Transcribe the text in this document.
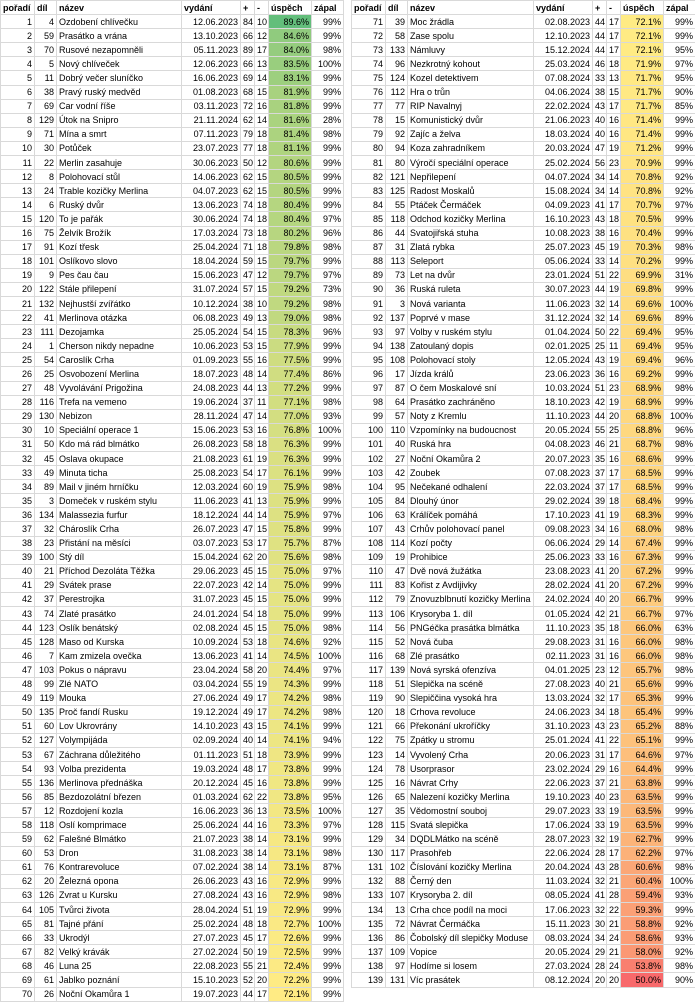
pořadí	díl	název	vydání	+	-	úspěch	zápal
1	4	Ozdobení chlívečku	12.06.2023	84	10	89.6%	99%
2	59	Prasátko a vrána	13.10.2023	66	12	84.6%	99%
3	70	Rusové nezapomněli	05.11.2023	89	17	84.0%	98%
4	5	Nový chlíveček	12.06.2023	66	13	83.5%	100%
5	11	Dobrý večer sluníčko	16.06.2023	69	14	83.1%	99%
6	38	Pravý ruský medvěd	01.08.2023	68	15	81.9%	99%
7	69	Car vodní říše	03.11.2023	72	16	81.8%	99%
8	129	Útok na Snipro	21.11.2024	62	14	81.6%	28%
9	71	Mína a smrt	07.11.2023	79	18	81.4%	98%
10	30	Potůček	23.07.2023	77	18	81.1%	99%
11	22	Merlin zasahuje	30.06.2023	50	12	80.6%	99%
12	8	Polohovací stůl	14.06.2023	62	15	80.5%	99%
13	24	Trable kozičky Merlina	04.07.2023	62	15	80.5%	99%
14	6	Ruský dvůr	13.06.2023	74	18	80.4%	99%
15	120	To je pařák	30.06.2024	74	18	80.4%	97%
16	75	Želvík Brožík	17.03.2024	73	18	80.2%	96%
17	91	Kozí třesk	25.04.2024	71	18	79.8%	98%
18	101	Oslíkovo slovo	18.04.2024	59	15	79.7%	99%
19	9	Pes čau čau	15.06.2023	47	12	79.7%	97%
20	122	Stále přilepení	31.07.2024	57	15	79.2%	73%
21	132	Nejhustší zvířátko	10.12.2024	38	10	79.2%	98%
22	41	Merlinova otázka	06.08.2023	49	13	79.0%	98%
23	111	Dezojamka	25.05.2024	54	15	78.3%	96%
24	1	Cherson nikdy nepadne	10.06.2023	53	15	77.9%	99%
25	54	Caroslík Crha	01.09.2023	55	16	77.5%	99%
26	25	Osvobození Merlina	18.07.2023	48	14	77.4%	86%
27	48	Vyvolávání Prigožina	24.08.2023	44	13	77.2%	99%
28	116	Trefa na vemeno	19.06.2024	37	11	77.1%	98%
29	130	Nebizon	28.11.2024	47	14	77.0%	93%
30	10	Speciální operace 1	15.06.2023	53	16	76.8%	100%
31	50	Kdo má rád blmátko	26.08.2023	58	18	76.3%	99%
32	45	Oslava okupace	21.08.2023	61	19	76.3%	99%
33	49	Minuta ticha	25.08.2023	54	17	76.1%	99%
34	89	Mail v jiném hrníčku	12.03.2024	60	19	75.9%	98%
35	3	Domeček v ruském stylu	11.06.2023	41	13	75.9%	99%
36	134	Malassezia furfur	18.12.2024	44	14	75.9%	97%
37	32	Chároslík Crha	26.07.2023	47	15	75.8%	99%
38	23	Přistání na měsíci	03.07.2023	53	17	75.7%	87%
39	100	Stý díl	15.04.2024	62	20	75.6%	98%
40	21	Příchod Dezoláta Těžka	29.06.2023	45	15	75.0%	97%
41	29	Svátek prase	22.07.2023	42	14	75.0%	99%
42	37	Perestrojka	31.07.2023	45	15	75.0%	99%
43	74	Zlaté prasátko	24.01.2024	54	18	75.0%	99%
44	123	Oslík benátský	02.08.2024	45	15	75.0%	98%
45	128	Maso od Kurska	10.09.2024	53	18	74.6%	92%
46	7	Kam zmizela ovečka	13.06.2023	41	14	74.5%	100%
47	103	Pokus o nápravu	23.04.2024	58	20	74.4%	97%
48	99	Zlé NATO	03.04.2024	55	19	74.3%	99%
49	119	Mouka	27.06.2024	49	17	74.2%	98%
50	135	Proč fandí Rusku	19.12.2024	49	17	74.2%	98%
51	60	Lov Ukrovrány	14.10.2023	43	15	74.1%	99%
52	127	Volympijáda	02.09.2024	40	14	74.1%	94%
53	67	Záchrana důležitého	01.11.2023	51	18	73.9%	99%
54	93	Volba prezidenta	19.03.2024	48	17	73.8%	99%
55	136	Merlinova přednáška	20.12.2024	45	16	73.8%	99%
56	85	Bezdozolátní březen	01.03.2024	62	22	73.8%	95%
57	12	Rozdojení kozla	16.06.2023	36	13	73.5%	100%
58	118	Oslí komprimace	25.06.2024	44	16	73.3%	97%
59	62	Falešné Blmátko	21.07.2023	38	14	73.1%	99%
60	53	Dron	31.08.2023	38	14	73.1%	98%
61	76	Kontrarevoluce	07.02.2024	38	14	73.1%	87%
62	20	Železná opona	26.06.2023	43	16	72.9%	99%
63	126	Zvrat u Kursku	27.08.2024	43	16	72.9%	98%
64	105	Tvůrci života	28.04.2024	51	19	72.9%	99%
65	81	Tajné přání	25.02.2024	48	18	72.7%	100%
66	33	Ukrodýl	27.07.2023	45	17	72.6%	99%
67	82	Velký krávák	27.02.2024	50	19	72.5%	99%
68	46	Luna 25	22.08.2023	55	21	72.4%	99%
69	61	Jablko poznání	15.10.2023	52	20	72.2%	99%
70	26	Noční Okamůra 1	19.07.2023	44	17	72.1%	99%
pořadí	díl	název	vydání	+	-	úspěch	zápal
71	39	Moc žrádla	02.08.2023	44	17	72.1%	99%
72	58	Zase spolu	12.10.2023	44	17	72.1%	99%
73	133	Námluvy	15.12.2024	44	17	72.1%	95%
74	96	Nezkrotný kohout	25.03.2024	46	18	71.9%	97%
75	124	Kozel detektivem	07.08.2024	33	13	71.7%	95%
76	112	Hra o trůn	04.06.2024	38	15	71.7%	90%
77	77	RIP Navalnyj	22.02.2024	43	17	71.7%	85%
78	15	Komunistický dvůr	21.06.2023	40	16	71.4%	99%
79	92	Zajíc a želva	18.03.2024	40	16	71.4%	99%
80	94	Koza zahradníkem	20.03.2024	47	19	71.2%	99%
81	80	Výročí speciální operace	25.02.2024	56	23	70.9%	99%
82	121	Nepřilepení	04.07.2024	34	14	70.8%	92%
83	125	Radost Moskalů	15.08.2024	34	14	70.8%	92%
84	55	Ptáček Čermáček	04.09.2023	41	17	70.7%	97%
85	118	Odchod kozičky Merlina	16.10.2023	43	18	70.5%	99%
86	44	Svatojiřská stuha	10.08.2023	38	16	70.4%	99%
87	31	Zlatá rybka	25.07.2023	45	19	70.3%	98%
88	113	Seleport	05.06.2024	33	14	70.2%	99%
89	73	Let na dvůr	23.01.2024	51	22	69.9%	31%
90	36	Ruská ruleta	30.07.2023	44	19	69.8%	99%
91	3	Nová varianta	11.06.2023	32	14	69.6%	100%
92	137	Poprvé v mase	31.12.2024	32	14	69.6%	89%
93	97	Volby v ruském stylu	01.04.2024	50	22	69.4%	95%
94	138	Zatoulaný dopis	02.01.2025	25	11	69.4%	95%
95	108	Polohovací stoly	12.05.2024	43	19	69.4%	96%
96	17	Jízda králů	23.06.2023	36	16	69.2%	99%
97	87	O čem Moskalové sní	10.03.2024	51	23	68.9%	98%
98	64	Prasátko zachráněno	18.10.2023	42	19	68.9%	99%
99	57	Noty z Kremlu	11.10.2023	44	20	68.8%	100%
100	110	Vzpomínky na budoucnost	20.05.2024	55	25	68.8%	96%
101	40	Ruská hra	04.08.2023	46	21	68.7%	98%
102	27	Noční Okamůra 2	20.07.2023	35	16	68.6%	99%
103	42	Zoubek	07.08.2023	37	17	68.5%	99%
104	95	Nečekané odhalení	22.03.2024	37	17	68.5%	99%
105	84	Dlouhý únor	29.02.2024	39	18	68.4%	99%
106	63	Králíček pomáhá	17.10.2023	41	19	68.3%	99%
107	43	Crhův polohovací panel	09.08.2023	34	16	68.0%	98%
108	114	Kozí počty	06.06.2024	29	14	67.4%	99%
109	19	Prohibice	25.06.2023	33	16	67.3%	99%
110	47	Dvě nová žužátka	23.08.2023	41	20	67.2%	99%
111	83	Kořist z Avdijivky	28.02.2024	41	20	67.2%	99%
112	79	Znovuzblbnutí kozičky Merlina	24.02.2024	40	20	66.7%	99%
113	106	Krysoryba 1. díl	01.05.2024	42	21	66.7%	97%
114	56	PNGéčka prasátka blmátka	11.10.2023	35	18	66.0%	63%
115	52	Nová čuba	29.08.2023	31	16	66.0%	98%
116	68	Zlé prasátko	02.11.2023	31	16	66.0%	98%
117	139	Nová syrská ofenzíva	04.01.2025	23	12	65.7%	98%
118	51	Slepička na scéně	27.08.2023	40	21	65.6%	99%
119	90	Slepiččina vysoká hra	13.03.2024	32	17	65.3%	99%
120	18	Crhova revoluce	24.06.2023	34	18	65.4%	99%
121	66	Překonání ukroříčky	31.10.2023	43	23	65.2%	88%
122	75	Zpátky u stromu	25.01.2024	41	22	65.1%	99%
123	14	Vyvolený Crha	20.06.2023	31	17	64.6%	97%
124	78	Usorprasor	23.02.2024	29	16	64.4%	99%
125	16	Návrat Crhy	22.06.2023	37	21	63.8%	99%
126	65	Nalezení kozičky Merlina	19.10.2023	40	23	63.5%	99%
127	35	Vědomostní souboj	29.07.2023	33	19	63.5%	99%
128	115	Svatá slepička	17.06.2024	33	19	63.5%	99%
129	34	DQDLMátko na scéně	28.07.2023	32	19	62.7%	99%
130	117	Prasohřeb	22.06.2024	28	17	62.2%	97%
131	102	Číslování kozičky Merlina	20.04.2024	43	28	60.6%	98%
132	88	Černý den	11.03.2024	32	21	60.4%	100%
133	107	Krysoryba 2. díl	08.05.2024	41	28	59.4%	93%
134	13	Crha chce podíl na moci	17.06.2023	32	22	59.3%	99%
135	72	Návrat Čermáčka	15.11.2023	30	21	58.8%	92%
136	86	Čobolský díl slepičky Moduse	08.03.2024	34	24	58.6%	93%
137	109	Vopice	20.05.2024	29	21	58.0%	92%
138	97	Hodíme si losem	27.03.2024	28	24	53.8%	98%
139	131	Víc prasátek	08.12.2024	20	20	50.0%	90%
